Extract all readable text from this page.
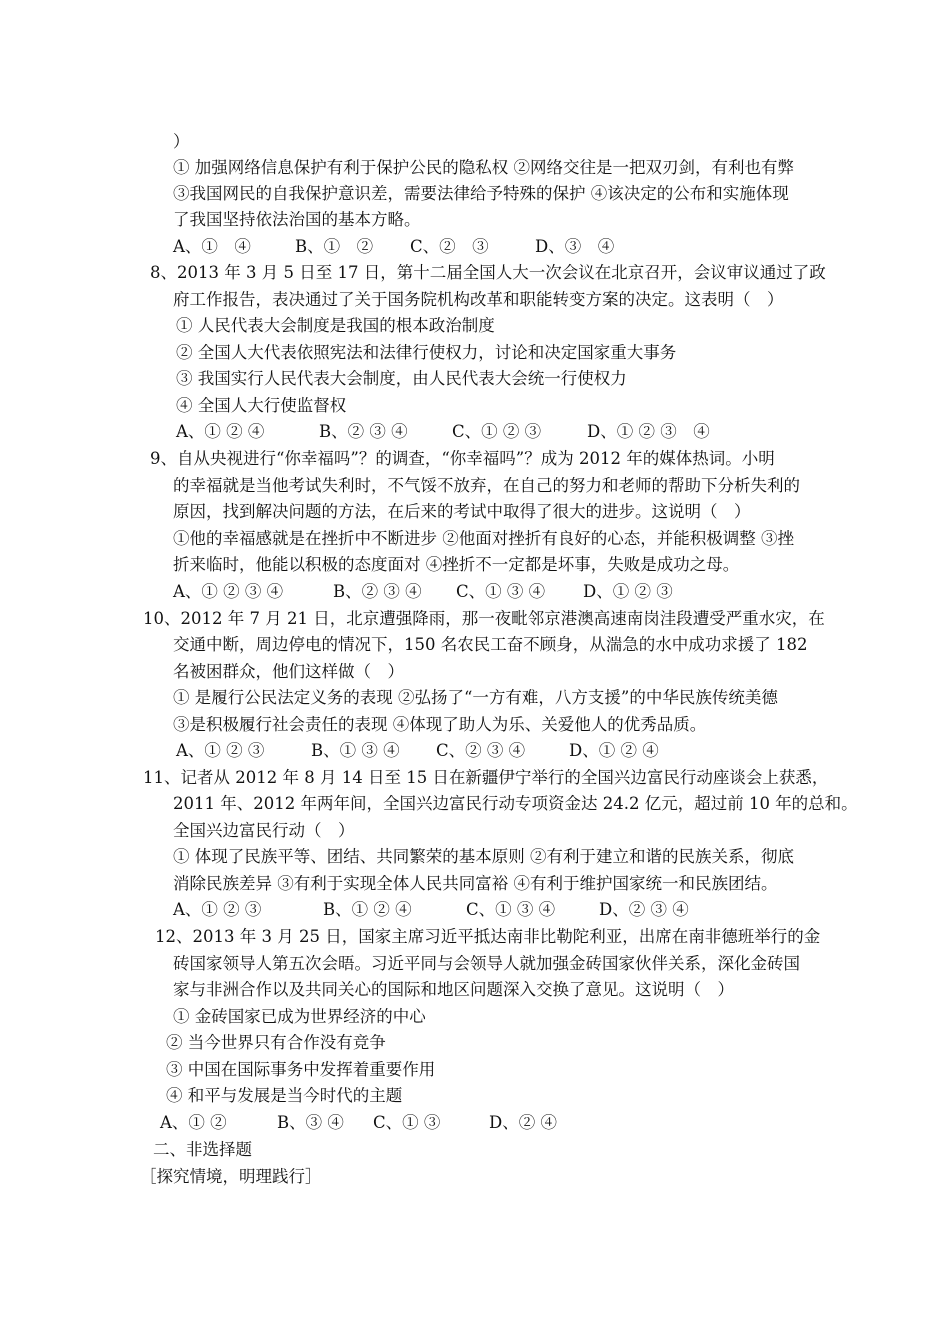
）
① 加强网络信息保护有利于保护公民的隐私权 ②网络交往是一把双刃剑，有利也有弊
③我国网民的自我保护意识差，需要法律给予特殊的保护 ④该决定的公布和实施体现
了我国坚持依法治国的基本方略。
A、①　④	B、①　② C、②　③	D、③　④
8、2013 年 3 月 5 日至 17 日，第十二届全国人大一次会议在北京召开，会议审议通过了政
府工作报告，表决通过了关于国务院机构改革和职能转变方案的决定。这表明（　）
① 人民代表大会制度是我国的根本政治制度
② 全国人大代表依照宪法和法律行使权力，讨论和决定国家重大事务
③ 我国实行人民代表大会制度，由人民代表大会统一行使权力
④ 全国人大行使监督权
A、① ② ④	B、② ③ ④	C、① ② ③	D、① ② ③　④
9、自从央视进行“你幸福吗”？的调查，“你幸福吗”？成为 2012 年的媒体热词。小明
的幸福就是当他考试失利时，不气馁不放弃，在自己的努力和老师的帮助下分析失利的
原因，找到解决问题的方法，在后来的考试中取得了很大的进步。这说明（　）
①他的幸福感就是在挫折中不断进步 ②他面对挫折有良好的心态，并能积极调整 ③挫
折来临时，他能以积极的态度面对 ④挫折不一定都是坏事，失败是成功之母。
A、① ② ③ ④	B、② ③ ④ C、① ③ ④ D、① ② ③
10、2012 年 7 月 21 日，北京遭强降雨，那一夜毗邻京港澳高速南岗洼段遭受严重水灾，在
交通中断，周边停电的情况下，150 名农民工奋不顾身，从湍急的水中成功求援了 182
名被困群众，他们这样做（　）
① 是履行公民法定义务的表现 ②弘扬了“一方有难，八方支援”的中华民族传统美德
③是积极履行社会责任的表现 ④体现了助人为乐、关爱他人的优秀品质。
A、① ② ③	B、① ③ ④ C、② ③ ④	D、① ② ④
11、记者从 2012 年 8 月 14 日至 15 日在新疆伊宁举行的全国兴边富民行动座谈会上获悉，
2011 年、2012 年两年间，全国兴边富民行动专项资金达 24.2 亿元，超过前 10 年的总和。
全国兴边富民行动（　）
① 体现了民族平等、团结、共同繁荣的基本原则 ②有利于建立和谐的民族关系，彻底
消除民族差异 ③有利于实现全体人民共同富裕 ④有利于维护国家统一和民族团结。
A、① ② ③	B、① ② ④	C、① ③ ④	D、② ③ ④
12、2013 年 3 月 25 日，国家主席习近平抵达南非比勒陀利亚，出席在南非德班举行的金
砖国家领导人第五次会晤。习近平同与会领导人就加强金砖国家伙伴关系，深化金砖国
家与非洲合作以及共同关心的国际和地区问题深入交换了意见。这说明（　）
① 金砖国家已成为世界经济的中心
② 当今世界只有合作没有竞争
③ 中国在国际事务中发挥着重要作用
④ 和平与发展是当今时代的主题
A、① ②	B、③ ④ C、① ③	D、② ④
二、非选择题
［探究情境，明理践行］
